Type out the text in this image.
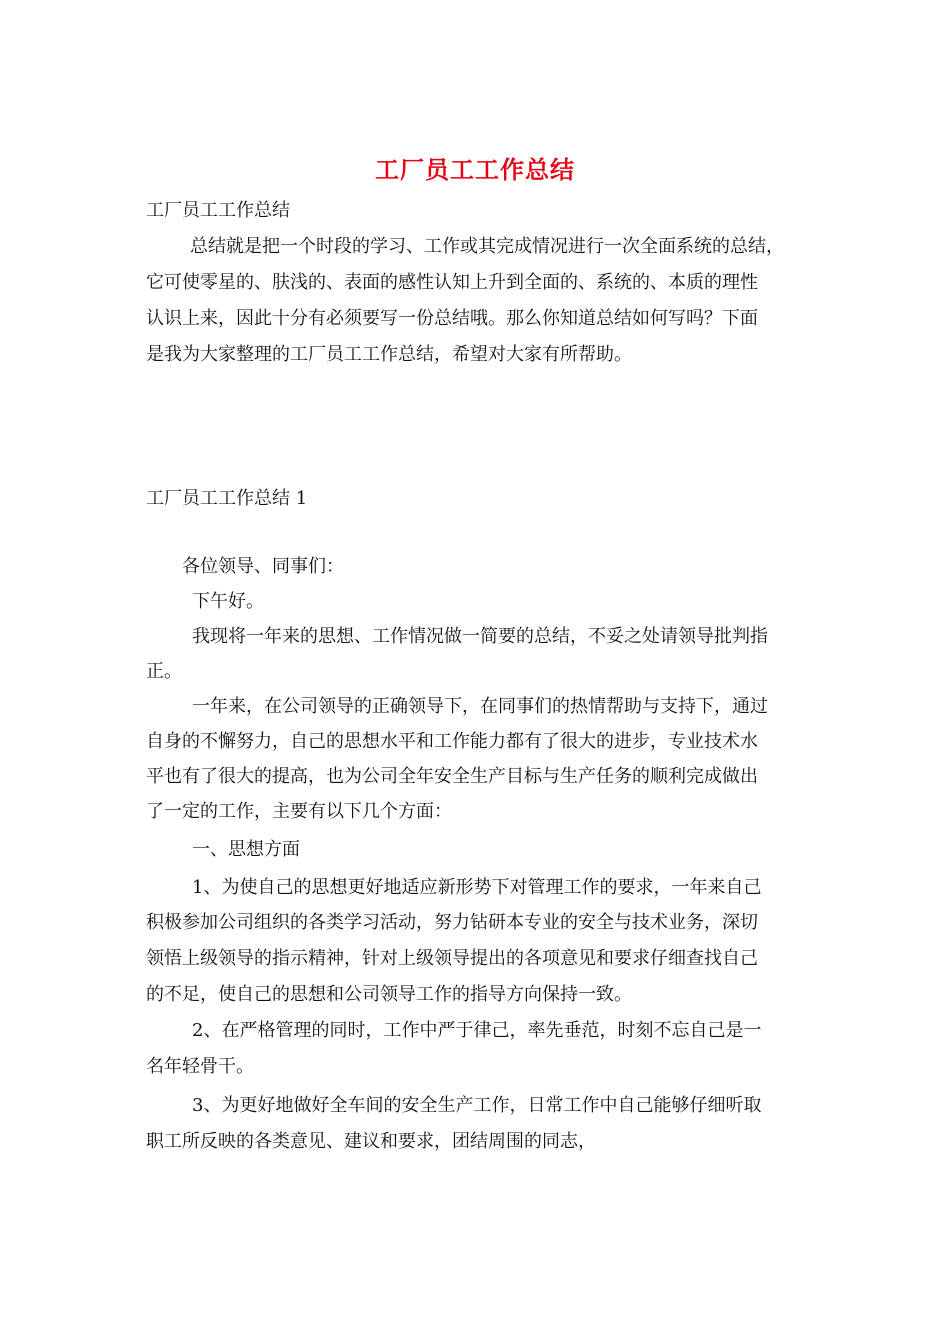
工厂员工工作总结
工厂员工工作总结
总结就是把一个时段的学习、工作或其完成情况进行一次全面系统的总结，
它可使零星的、肤浅的、表面的感性认知上升到全面的、系统的、本质的理性
认识上来，因此十分有必须要写一份总结哦。那么你知道总结如何写吗？下面
是我为大家整理的工厂员工工作总结，希望对大家有所帮助。
工厂员工工作总结 1
各位领导、同事们：
下午好。
我现将一年来的思想、工作情况做一简要的总结，不妥之处请领导批判指
正。
一年来，在公司领导的正确领导下，在同事们的热情帮助与支持下，通过
自身的不懈努力，自己的思想水平和工作能力都有了很大的进步，专业技术水
平也有了很大的提高，也为公司全年安全生产目标与生产任务的顺利完成做出
了一定的工作，主要有以下几个方面：
一、思想方面
1、为使自己的思想更好地适应新形势下对管理工作的要求，一年来自己
积极参加公司组织的各类学习活动，努力钻研本专业的安全与技术业务，深切
领悟上级领导的指示精神，针对上级领导提出的各项意见和要求仔细查找自己
的不足，使自己的思想和公司领导工作的指导方向保持一致。
2、在严格管理的同时，工作中严于律己，率先垂范，时刻不忘自己是一
名年轻骨干。
3、为更好地做好全车间的安全生产工作，日常工作中自己能够仔细听取
职工所反映的各类意见、建议和要求，团结周围的同志，
